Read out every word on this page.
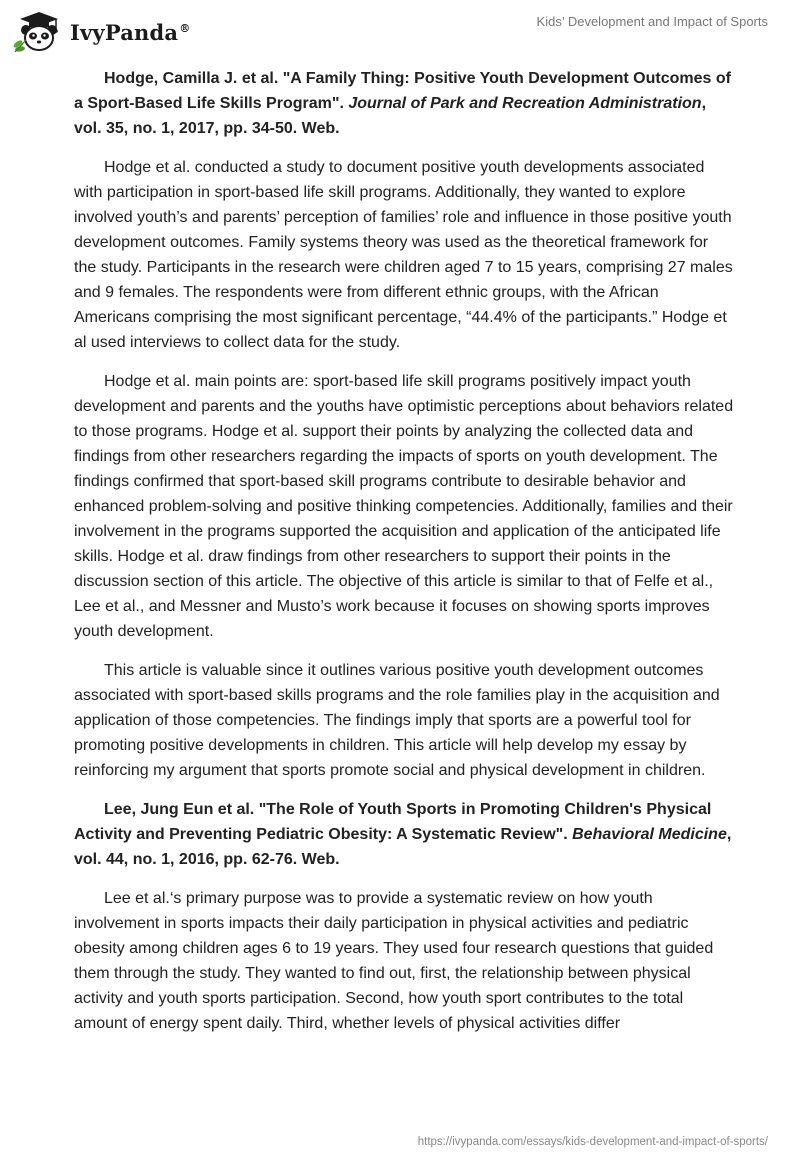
IvyPanda®	Kids’ Development and Impact of Sports

Hodge, Camilla J. et al. "A Family Thing: Positive Youth Development Outcomes of a Sport-Based Life Skills Program". Journal of Park and Recreation Administration, vol. 35, no. 1, 2017, pp. 34-50. Web.

Hodge et al. conducted a study to document positive youth developments associated with participation in sport-based life skill programs. Additionally, they wanted to explore involved youth’s and parents’ perception of families’ role and influence in those positive youth development outcomes. Family systems theory was used as the theoretical framework for the study. Participants in the research were children aged 7 to 15 years, comprising 27 males and 9 females. The respondents were from different ethnic groups, with the African Americans comprising the most significant percentage, “44.4% of the participants.” Hodge et al used interviews to collect data for the study.

Hodge et al. main points are: sport-based life skill programs positively impact youth development and parents and the youths have optimistic perceptions about behaviors related to those programs. Hodge et al. support their points by analyzing the collected data and findings from other researchers regarding the impacts of sports on youth development. The findings confirmed that sport-based skill programs contribute to desirable behavior and enhanced problem-solving and positive thinking competencies. Additionally, families and their involvement in the programs supported the acquisition and application of the anticipated life skills. Hodge et al. draw findings from other researchers to support their points in the discussion section of this article. The objective of this article is similar to that of Felfe et al., Lee et al., and Messner and Musto’s work because it focuses on showing sports improves youth development.

This article is valuable since it outlines various positive youth development outcomes associated with sport-based skills programs and the role families play in the acquisition and application of those competencies. The findings imply that sports are a powerful tool for promoting positive developments in children. This article will help develop my essay by reinforcing my argument that sports promote social and physical development in children.

Lee, Jung Eun et al. "The Role of Youth Sports in Promoting Children's Physical Activity and Preventing Pediatric Obesity: A Systematic Review". Behavioral Medicine, vol. 44, no. 1, 2016, pp. 62-76. Web.

Lee et al.‘s primary purpose was to provide a systematic review on how youth involvement in sports impacts their daily participation in physical activities and pediatric obesity among children ages 6 to 19 years. They used four research questions that guided them through the study. They wanted to find out, first, the relationship between physical activity and youth sports participation. Second, how youth sport contributes to the total amount of energy spent daily. Third, whether levels of physical activities differ

https://ivypanda.com/essays/kids-development-and-impact-of-sports/
